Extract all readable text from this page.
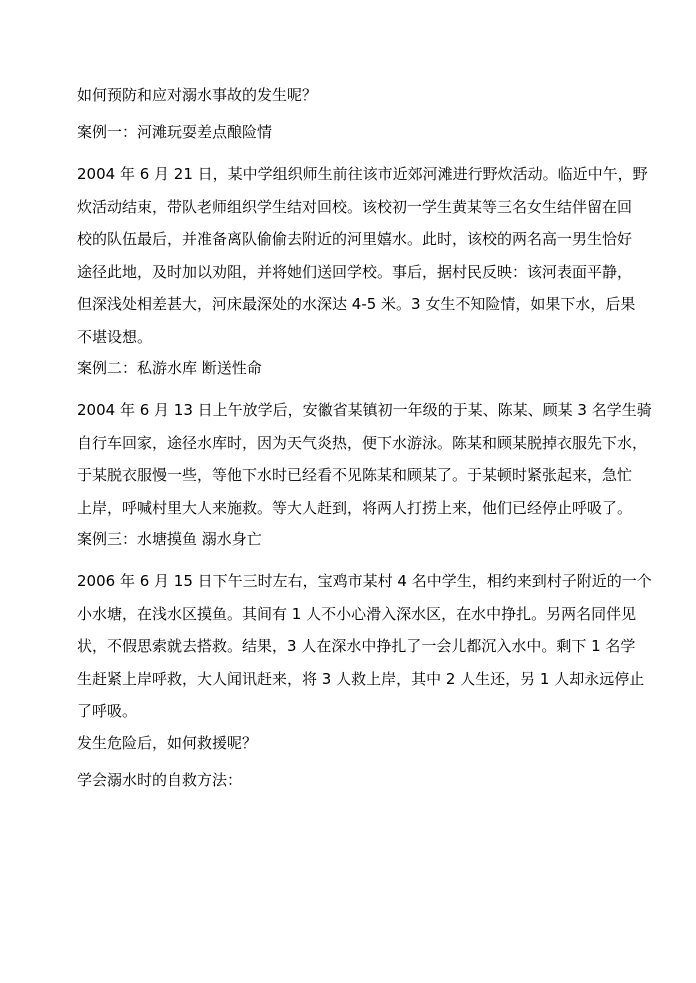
如何预防和应对溺水事故的发生呢？
案例一：河滩玩耍差点酿险情
2004 年 6 月 21 日，某中学组织师生前往该市近郊河滩进行野炊活动。临近中午，野
炊活动结束，带队老师组织学生结对回校。该校初一学生黄某等三名女生结伴留在回
校的队伍最后，并准备离队偷偷去附近的河里嬉水。此时，该校的两名高一男生恰好
途径此地，及时加以劝阻，并将她们送回学校。事后，据村民反映：该河表面平静，
但深浅处相差甚大，河床最深处的水深达 4-5 米。3 女生不知险情，如果下水，后果
不堪设想。
案例二：私游水库 断送性命
2004 年 6 月 13 日上午放学后，安徽省某镇初一年级的于某、陈某、顾某 3 名学生骑
自行车回家，途径水库时，因为天气炎热，便下水游泳。陈某和顾某脱掉衣服先下水，
于某脱衣服慢一些，等他下水时已经看不见陈某和顾某了。于某顿时紧张起来，急忙
上岸，呼喊村里大人来施救。等大人赶到，将两人打捞上来，他们已经停止呼吸了。
案例三：水塘摸鱼 溺水身亡
2006 年 6 月 15 日下午三时左右，宝鸡市某村 4 名中学生，相约来到村子附近的一个
小水塘，在浅水区摸鱼。其间有 1 人不小心滑入深水区，在水中挣扎。另两名同伴见
状，不假思索就去搭救。结果，3 人在深水中挣扎了一会儿都沉入水中。剩下 1 名学
生赶紧上岸呼救，大人闻讯赶来，将 3 人救上岸，其中 2 人生还，另 1 人却永远停止
了呼吸。
发生危险后，如何救援呢？
学会溺水时的自救方法：
